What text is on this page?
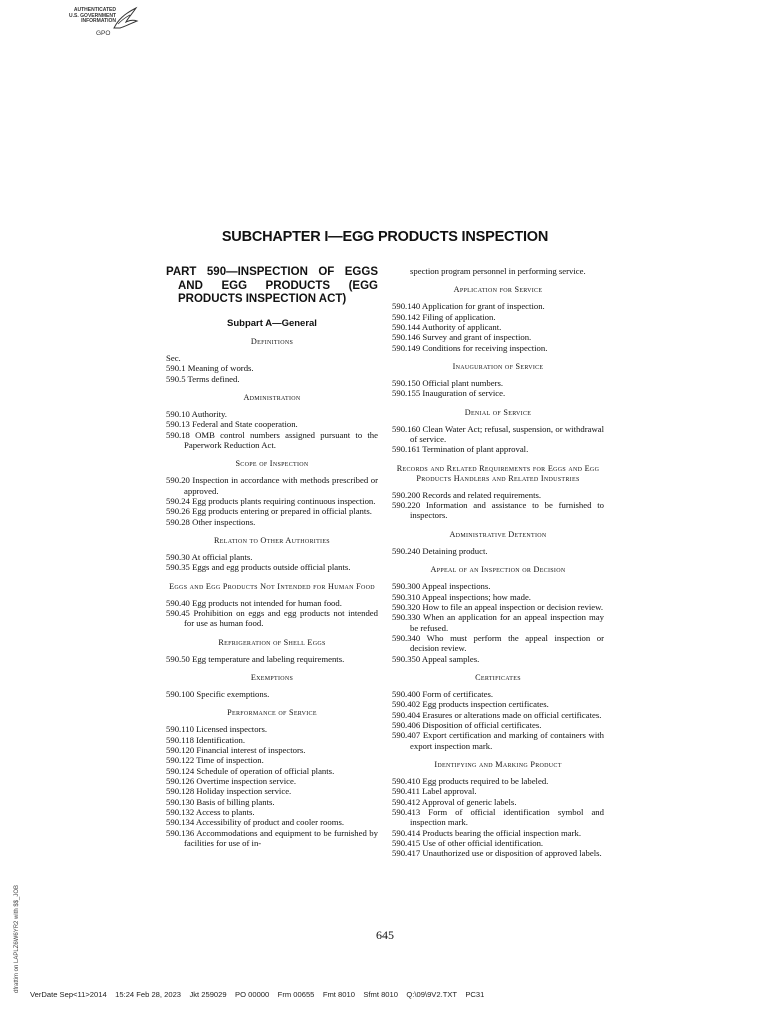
AUTHENTICATED
U.S. GOVERNMENT
INFORMATION
GPO
SUBCHAPTER I—EGG PRODUCTS INSPECTION
PART 590—INSPECTION OF EGGS AND EGG PRODUCTS (EGG PRODUCTS INSPECTION ACT)
Subpart A—General
Definitions
Sec.
590.1 Meaning of words.
590.5 Terms defined.
Administration
590.10 Authority.
590.13 Federal and State cooperation.
590.18 OMB control numbers assigned pursuant to the Paperwork Reduction Act.
Scope of Inspection
590.20 Inspection in accordance with methods prescribed or approved.
590.24 Egg products plants requiring continuous inspection.
590.26 Egg products entering or prepared in official plants.
590.28 Other inspections.
Relation to Other Authorities
590.30 At official plants.
590.35 Eggs and egg products outside official plants.
Eggs and Egg Products Not Intended for Human Food
590.40 Egg products not intended for human food.
590.45 Prohibition on eggs and egg products not intended for use as human food.
Refrigeration of Shell Eggs
590.50 Egg temperature and labeling requirements.
Exemptions
590.100 Specific exemptions.
Performance of Service
590.110 Licensed inspectors.
590.118 Identification.
590.120 Financial interest of inspectors.
590.122 Time of inspection.
590.124 Schedule of operation of official plants.
590.126 Overtime inspection service.
590.128 Holiday inspection service.
590.130 Basis of billing plants.
590.132 Access to plants.
590.134 Accessibility of product and cooler rooms.
590.136 Accommodations and equipment to be furnished by facilities for use of in-
spection program personnel in performing service.
Application for Service
590.140 Application for grant of inspection.
590.142 Filing of application.
590.144 Authority of applicant.
590.146 Survey and grant of inspection.
590.149 Conditions for receiving inspection.
Inauguration of Service
590.150 Official plant numbers.
590.155 Inauguration of service.
Denial of Service
590.160 Clean Water Act; refusal, suspension, or withdrawal of service.
590.161 Termination of plant approval.
Records and Related Requirements for Eggs and Egg Products Handlers and Related Industries
590.200 Records and related requirements.
590.220 Information and assistance to be furnished to inspectors.
Administrative Detention
590.240 Detaining product.
Appeal of an Inspection or Decision
590.300 Appeal inspections.
590.310 Appeal inspections; how made.
590.320 How to file an appeal inspection or decision review.
590.330 When an application for an appeal inspection may be refused.
590.340 Who must perform the appeal inspection or decision review.
590.350 Appeal samples.
Certificates
590.400 Form of certificates.
590.402 Egg products inspection certificates.
590.404 Erasures or alterations made on official certificates.
590.406 Disposition of official certificates.
590.407 Export certification and marking of containers with export inspection mark.
Identifying and Marking Product
590.410 Egg products required to be labeled.
590.411 Label approval.
590.412 Approval of generic labels.
590.413 Form of official identification symbol and inspection mark.
590.414 Products bearing the official inspection mark.
590.415 Use of other official identification.
590.417 Unauthorized use or disposition of approved labels.
645
VerDate Sep<11>2014    15:24 Feb 28, 2023    Jkt 259029    PO 00000    Frm 00655    Fmt 8010    Sfmt 8010    Q:\09\9V2.TXT    PC31
dfrattim on LAPLZ6W6YR2 with $$_JOB
